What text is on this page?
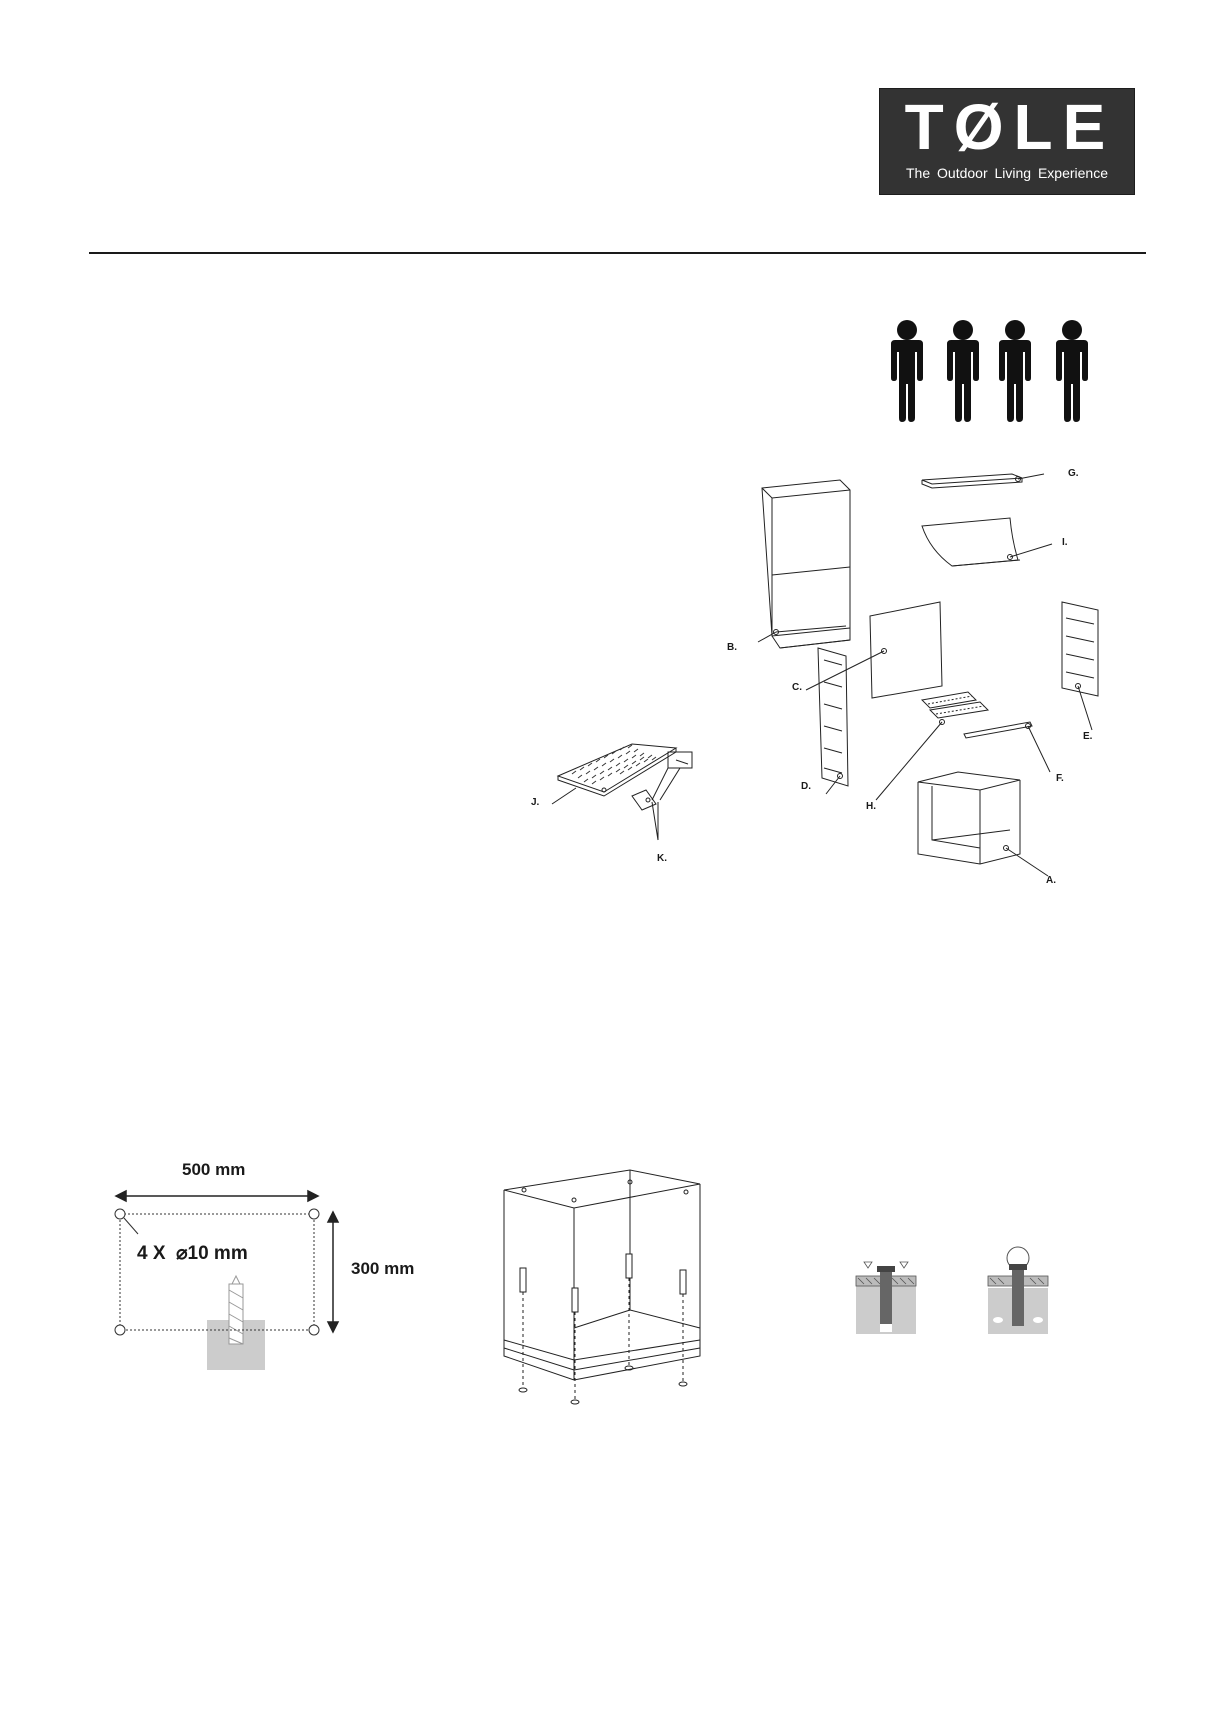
TØLE
The Outdoor Living Experience
B.
G.
I.
C.
E.
D.
F.
H.
A.
J.
K.
500 mm
300 mm
4 X  ⌀10 mm
